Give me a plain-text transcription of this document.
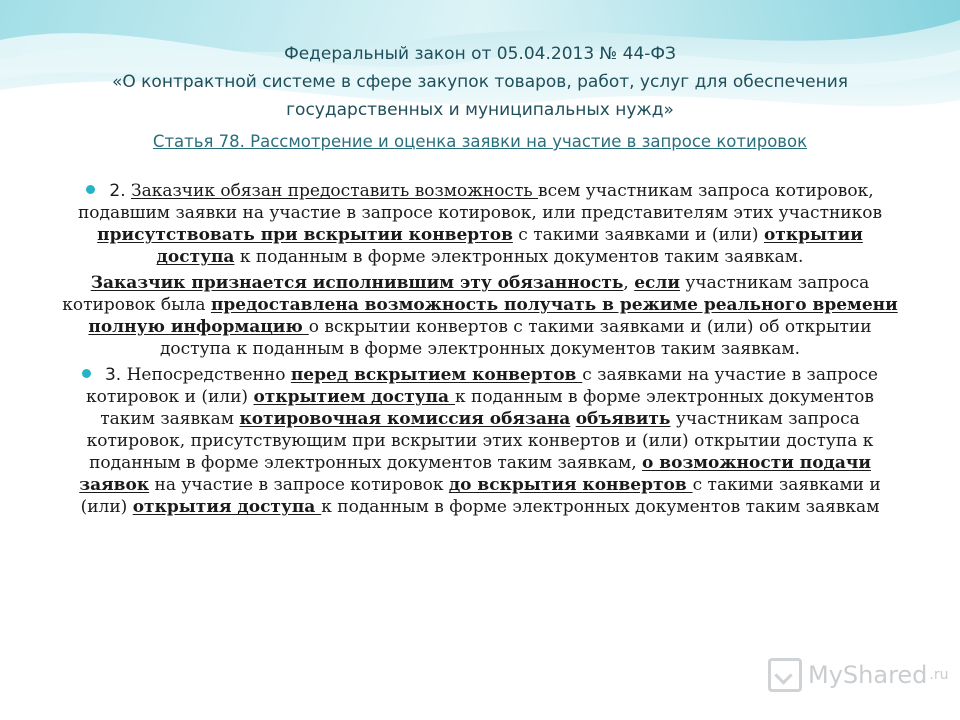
Федеральный закон от 05.04.2013 № 44-ФЗ
«О контрактной системе в сфере закупок товаров, работ, услуг для обеспечения
государственных и муниципальных нужд»
Статья 78. Рассмотрение и оценка заявки на участие в запросе котировок

2. Заказчик обязан предоставить возможность всем участникам запроса котировок, подавшим заявки на участие в запросе котировок, или представителям этих участников присутствовать при вскрытии конвертов с такими заявками и (или) открытии доступа к поданным в форме электронных документов таким заявкам.

Заказчик признается исполнившим эту обязанность, если участникам запроса котировок была предоставлена возможность получать в режиме реального времени полную информацию о вскрытии конвертов с такими заявками и (или) об открытии доступа к поданным в форме электронных документов таким заявкам.

3. Непосредственно перед вскрытием конвертов с заявками на участие в запросе котировок и (или) открытием доступа к поданным в форме электронных документов таким заявкам котировочная комиссия обязана объявить участникам запроса котировок, присутствующим при вскрытии этих конвертов и (или) открытии доступа к поданным в форме электронных документов таким заявкам, о возможности подачи заявок на участие в запросе котировок до вскрытия конвертов с такими заявками и (или) открытия доступа к поданным в форме электронных документов таким заявкам

MyShared .ru
